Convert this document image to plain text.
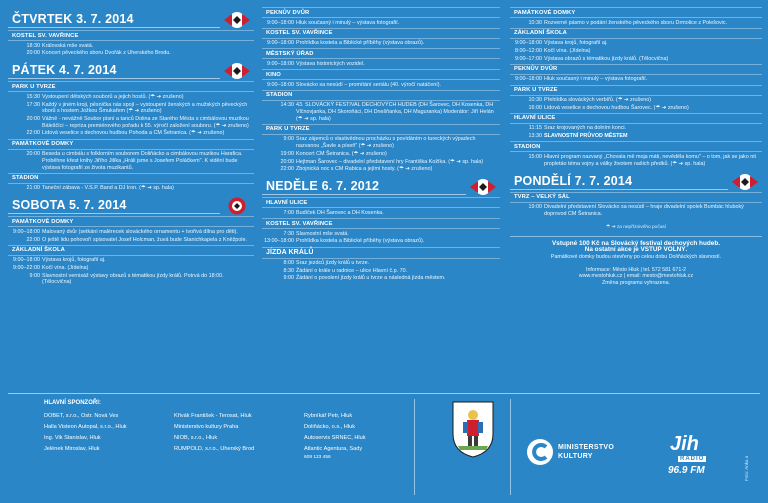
ČTVRTEK 3. 7. 2014
KOSTEL SV. VAVŘINCE
18:30 Královská mše svatá.
20:00 Koncert pěveckého sboru Dvořák z Uherského Brodu.
PÁTEK 4. 7. 2014
PARK U TVRZE
15:30 Vystoupení dětských souborů a jejich hostů. (☂ ➔ zrušeno)
17:30 Každý v jiném kroji, pěsnička nás spojí – vystoupení ženských a mužských pěveckých sborů s hostem Jožkou Šmukařem (☂ ➔ zrušeno)
20:00 Vážně - nevážně Soubor písní a tanců Dolina ze Starého Města s cimbálovou muzikou Báleščíci – repríza premiérového pořadu k 55. výročí založení souboru. (☂ ➔ zrušeno)
22:00 Lidová veselice s dechovou hudbou Pohoda a CM Šetranica. (☂ ➔ zrušeno)
PAMÁTKOVÉ DOMKY
20:00 Beseda u cimbálu s folklorním souborem Doliňácko a cimbálovou muzikou Harafica. Proběhne křest knihy Jiřího Jilíka „Hráli jsme s Josefem Poláčkem". K vidění bude výstava fotografií ze života muzikantů.
STADION
21:00 Taneční zábava - V.S.P. Band a DJ Iron. (☂ ➔ sp. hala)
SOBOTA 5. 7. 2014
PAMÁTKOVÉ DOMKY
9:00–18:00 Malovaný dvůr (setkání malérecek slováckého ornamentu + tvořivá dílna pro děti).
22:00 O ještě lidu pohovoří spisovatel Josef Holcman, žuvá bude Stanichkapela z Kněžpole.
ZÁKLADNÍ ŠKOLA
9:00–18:00 Výstava krojů, fotografií aj.
9:00–22:00 Kočí vína. (Jídelna)
9:00 Slavnostní vernisáž výstavy obrazů s tématikou jízdy králů. Potrvá do 18:00. (Tělocvična)
PEKNŮV DVŮR
9:00–18:00 Hluk současný i minulý – výstava fotografií.
KOSTEL SV. VAVŘINCE
9:00–18:00 Prohlídka kostela a Biblické příběhy (výstava obrazů).
MĚSTSKÝ ÚŘAD
9:00–18:00 Výstava historických vozidel.
KINO
9:00–18:00 Slovácko sa nesúdí – promítání seriálu (40. výročí natáčení).
STADION
14:30 43. SLOVÁCKÝ FESTIVAL DECHOVÝCH HUDEB (DH Šarovec, DH Kosenka, DH Vlčnovjanka, DH Skoroňáci, DH Dnešňanka, DH Maguranka) Moderátor: Jiří Helán (☂ ➔ sp. hala)
PARK U TVRZE
9:00 Sraz zájemců o vlastivědnou procházku s povídáním o tureckých výpadech nazvanou „Šavle a píseň" (☂ ➔ zrušeno)
19:00 Koncert CM Šetranica. (☂ ➔ zrušeno)
20:00 Hejtman Šarovec – divadelní představení hry Františka Kožíka. (☂ ➔ sp. hala)
22:00 Zbojnická noc s CM Rabica a jejími hosty. (☂ ➔ zrušeno)
NEDĚLE 6. 7. 2012
HLAVNÍ ULICE
7:00 Budíček DH Šarovec a DH Kosenka.
KOSTEL SV. VAVŘINCE
7:30 Slavnostní mše svatá.
13:00–18:00 Prohlídka kostela a Biblické příběhy (výstava obrazů).
JÍZDA KRÁLŮ
8:00 Sraz jezdců jízdy králů u tvrze.
8:30 Žádání o krále u radnice – ulice Hlavní č.p. 70.
9:00 Žádání o povolení jízdy králů u tvrze a následná jízda městem.
PAMÁTKOVÉ DOMKY
10:30 Rozverné pásmo v podání ženského pěveckého sboru Drmolice z Polešovic.
ZÁKLADNÍ ŠKOLA
9:00–18:00 Výstava krojů, fotografií aj.
8:00–12:00 Kočí vína. (Jídelna)
9:00–17:00 Výstava obrazů s tématikou jízdy králů. (Tělocvična)
PEKNŮV DVŮR
9:00–18:00 Hluk současný i minulý – výstava fotografií.
PARK U TVRZE
10:30 Přehlídka slováckých verbířů. (☂ ➔ zrušeno)
16:00 Lidová veselice s dechovou hudbou Šarovec. (☂ ➔ zrušeno)
HLAVNÍ ULICE
11:15 Sraz krojovaných na dolním konci.
13:30 SLAVNOSTNÍ PRŮVOD MĚSTEM
STADION
15:00 Hlavní program nazvaný „Chovala mě moja máti, nevěděla komu" – o tom, jak se jako nit propletáo téma vojny a války životem našich předků. (☂ ➔ sp. hala)
PONDĚLÍ 7. 7. 2014
TVRZ – VELKÝ SÁL
19:00 Divadelní představení Slovácko sa nesúdí – hraje divadelní spolek Bumbác hluboký doprovod CM Šetranica.
☂ ➔ za nepříznivého počasí
Vstupné 100 Kč na Slovácký festival dechových hudeb.
Na ostatní akce je VSTUP VOLNÝ.
Památkové domky budou otevřeny po celou dobu Doliňáckých slavností.
Informace: Město Hluk | tel. 572 581 671-2
www.mestohluk.cz | email: mesto@mestohluk.cz
Změna programu vyhrazena.
HLAVNÍ SPONZOŘI:
DOBET, s.r.o., Ostr. Nová Ves
Halla Visteon Autopal, s.r.o., Hluk
Ing. Vik Stanislav, Hluk
Jelének Miroslav, Hluk
Křivák František - Terosat, Hluk
Ministerstvo kultury Praha
NIOB, s.r.o., Hluk
RUMPOLD, s.r.o., Uherský Brod
Rybníkář Petr, Hluk
Doliňácko, o.s., Hluk
Autoservis SRNEC, Hluk
Atlantic Agentura, Sady
608 123 456
MINISTERSTVO
KULTURY
Jih
RADIO
96.9 FM	Foto: Anka a
